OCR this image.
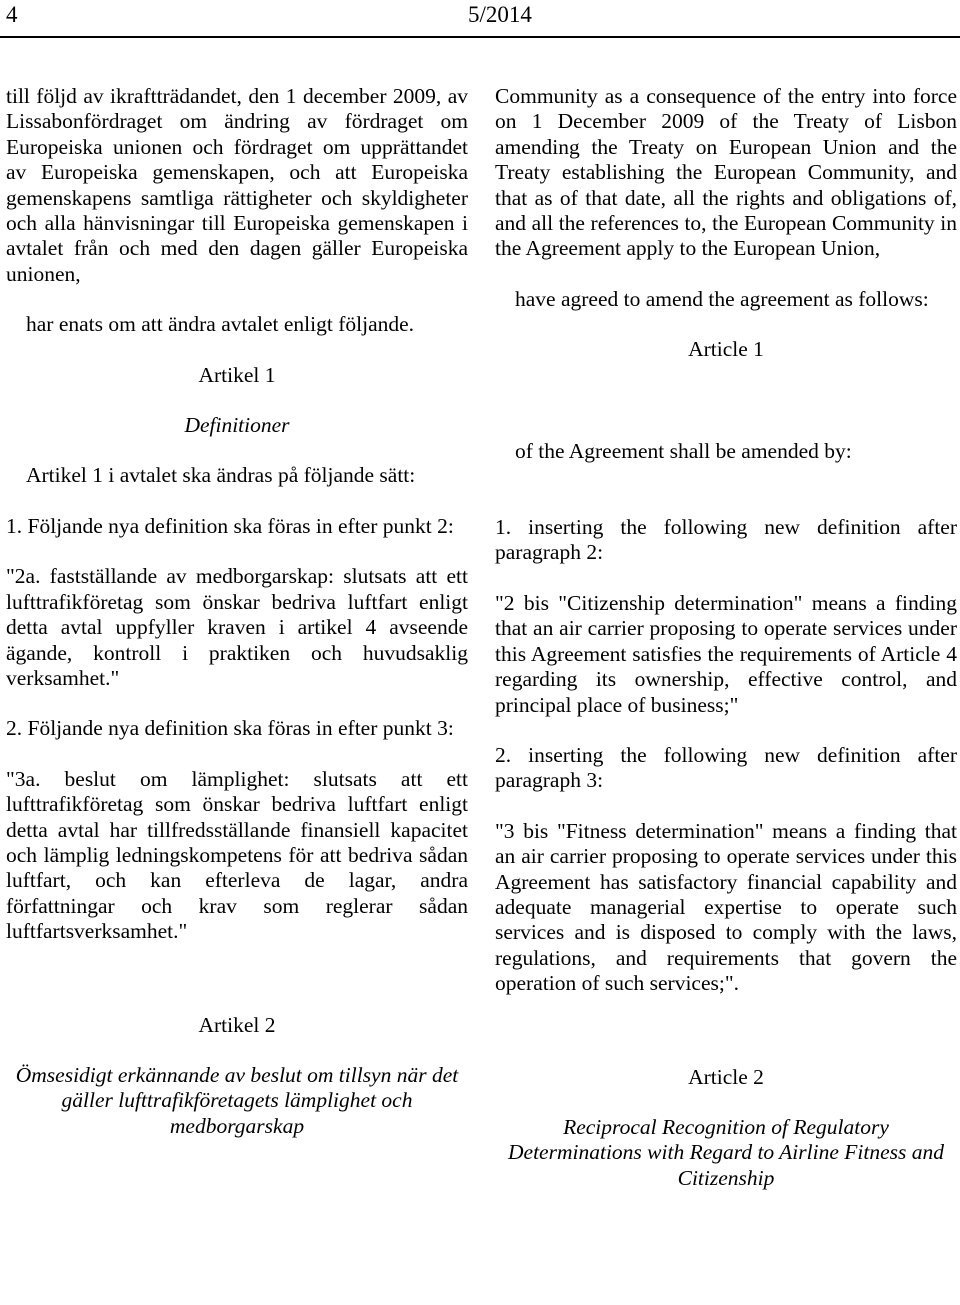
4	5/2014

till följd av ikraftträdandet, den 1 december 2009, av Lissabonfördraget om ändring av fördraget om Europeiska unionen och fördraget om upprättandet av Europeiska gemenskapen, och att Europeiska gemenskapens samtliga rättigheter och skyldigheter och alla hänvisningar till Europeiska gemenskapen i avtalet från och med den dagen gäller Europeiska unionen,

har enats om att ändra avtalet enligt följande.

Artikel 1

Definitioner

Artikel 1 i avtalet ska ändras på följande sätt:

1. Följande nya definition ska föras in efter punkt 2:

"2a. fastställande av medborgarskap: slutsats att ett lufttrafikföretag som önskar bedriva luftfart enligt detta avtal uppfyller kraven i artikel 4 avseende ägande, kontroll i praktiken och huvudsaklig verksamhet."

2. Följande nya definition ska föras in efter punkt 3:

"3a. beslut om lämplighet: slutsats att ett lufttrafikföretag som önskar bedriva luftfart enligt detta avtal har tillfredsställande finansiell kapacitet och lämplig ledningskompetens för att bedriva sådan luftfart, och kan efterleva de lagar, andra författningar och krav som reglerar sådan luftfartsverksamhet."

Artikel 2

Ömsesidigt erkännande av beslut om tillsyn när det gäller lufttrafikföretagets lämplighet och medborgarskap

Community as a consequence of the entry into force on 1 December 2009 of the Treaty of Lisbon amending the Treaty on European Union and the Treaty establishing the European Community, and that as of that date, all the rights and obligations of, and all the references to, the European Community in the Agreement apply to the European Union,

have agreed to amend the agreement as follows:

Article 1

of the Agreement shall be amended by:

1. inserting the following new definition after paragraph 2:

"2 bis "Citizenship determination" means a finding that an air carrier proposing to operate services under this Agreement satisfies the requirements of Article 4 regarding its ownership, effective control, and principal place of business;"

2. inserting the following new definition after paragraph 3:

"3 bis "Fitness determination" means a finding that an air carrier proposing to operate services under this Agreement has satisfactory financial capability and adequate managerial expertise to operate such services and is disposed to comply with the laws, regulations, and requirements that govern the operation of such services;".

Article 2

Reciprocal Recognition of Regulatory Determinations with Regard to Airline Fitness and Citizenship
